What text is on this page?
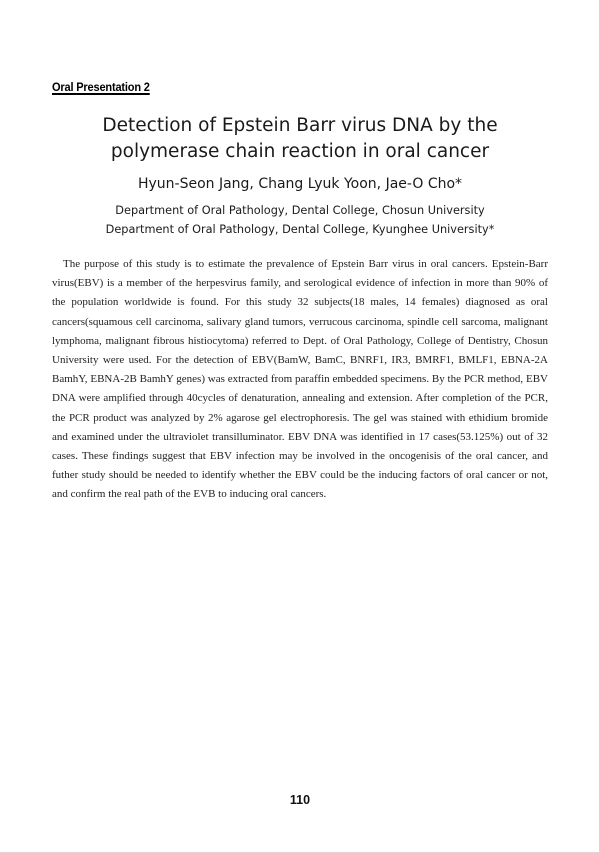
Oral Presentation 2
Detection of Epstein Barr virus DNA by the
polymerase chain reaction in oral cancer
Hyun-Seon Jang, Chang Lyuk Yoon, Jae-O Cho*
Department of Oral Pathology, Dental College, Chosun University
Department of Oral Pathology, Dental College, Kyunghee University*

The purpose of this study is to estimate the prevalence of Epstein Barr virus in oral cancers. Epstein-Barr virus(EBV) is a member of the herpesvirus family, and serological evidence of infection in more than 90% of the population worldwide is found. For this study 32 subjects(18 males, 14 females) diagnosed as oral cancers(squamous cell carcinoma, salivary gland tumors, verrucous carcinoma, spindle cell sarcoma, malignant lymphoma, malignant fibrous histiocytoma) referred to Dept. of Oral Pathology, College of Dentistry, Chosun University were used. For the detection of EBV(BamW, BamC, BNRF1, IR3, BMRF1, BMLF1, EBNA-2A BamhY, EBNA-2B BamhY genes) was extracted from paraffin embedded specimens. By the PCR method, EBV DNA were amplified through 40cycles of denaturation, annealing and extension. After completion of the PCR, the PCR product was analyzed by 2% agarose gel electrophoresis. The gel was stained with ethidium bromide and examined under the ultraviolet transilluminator. EBV DNA was identified in 17 cases(53.125%) out of 32 cases. These findings suggest that EBV infection may be involved in the oncogenisis of the oral cancer, and futher study should be needed to identify whether the EBV could be the inducing factors of oral cancer or not, and confirm the real path of the EVB to inducing oral cancers.

110
